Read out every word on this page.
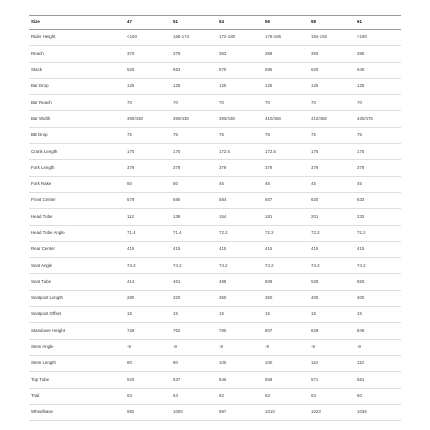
Size	47	51	54	56	58	61
Rider Height	<160	168-174	172-180	176-186	184-192	>190
Reach	370	379	383	388	393	395
Stack	525	553	570	595	620	645
Bar Drop	125	125	125	125	125	125
Bar Reach	70	70	70	70	70	70
Bar Width	390/438	390/438	390/438	410/458	410/458	430/476
BB Drop	75	75	75	75	75	75
Crank Length	170	170	172.5	172.5	175	175
Fork Length	379	379	379	379	379	379
Fork Rake	50	50	45	45	45	45
Front Center	579	586	584	607	620	633
Head Tube	112	138	154	181	201	233
Head Tube Angle	71.4	71.4	72.2	72.2	72.2	72.2
Rear Center	415	415	415	415	415	415
Seat Angle	74.2	74.2	74.2	74.2	74.2	74.2
Seat Tube	414	461	488	508	528	550
Seatpost Length	280	320	360	360	400	400
Seatpost Offset	15	15	15	15	15	15
Standover Height	728	762	780	807	828	849
Stem Angle	-8	-8	-8	-8	-8	-8
Stem Length	80	90	100	100	110	110
Top Tube	520	537	546	558	571	581
Trail	63	63	62	63	63	60
Wheelbase	982	1000	997	1010	1023	1036
